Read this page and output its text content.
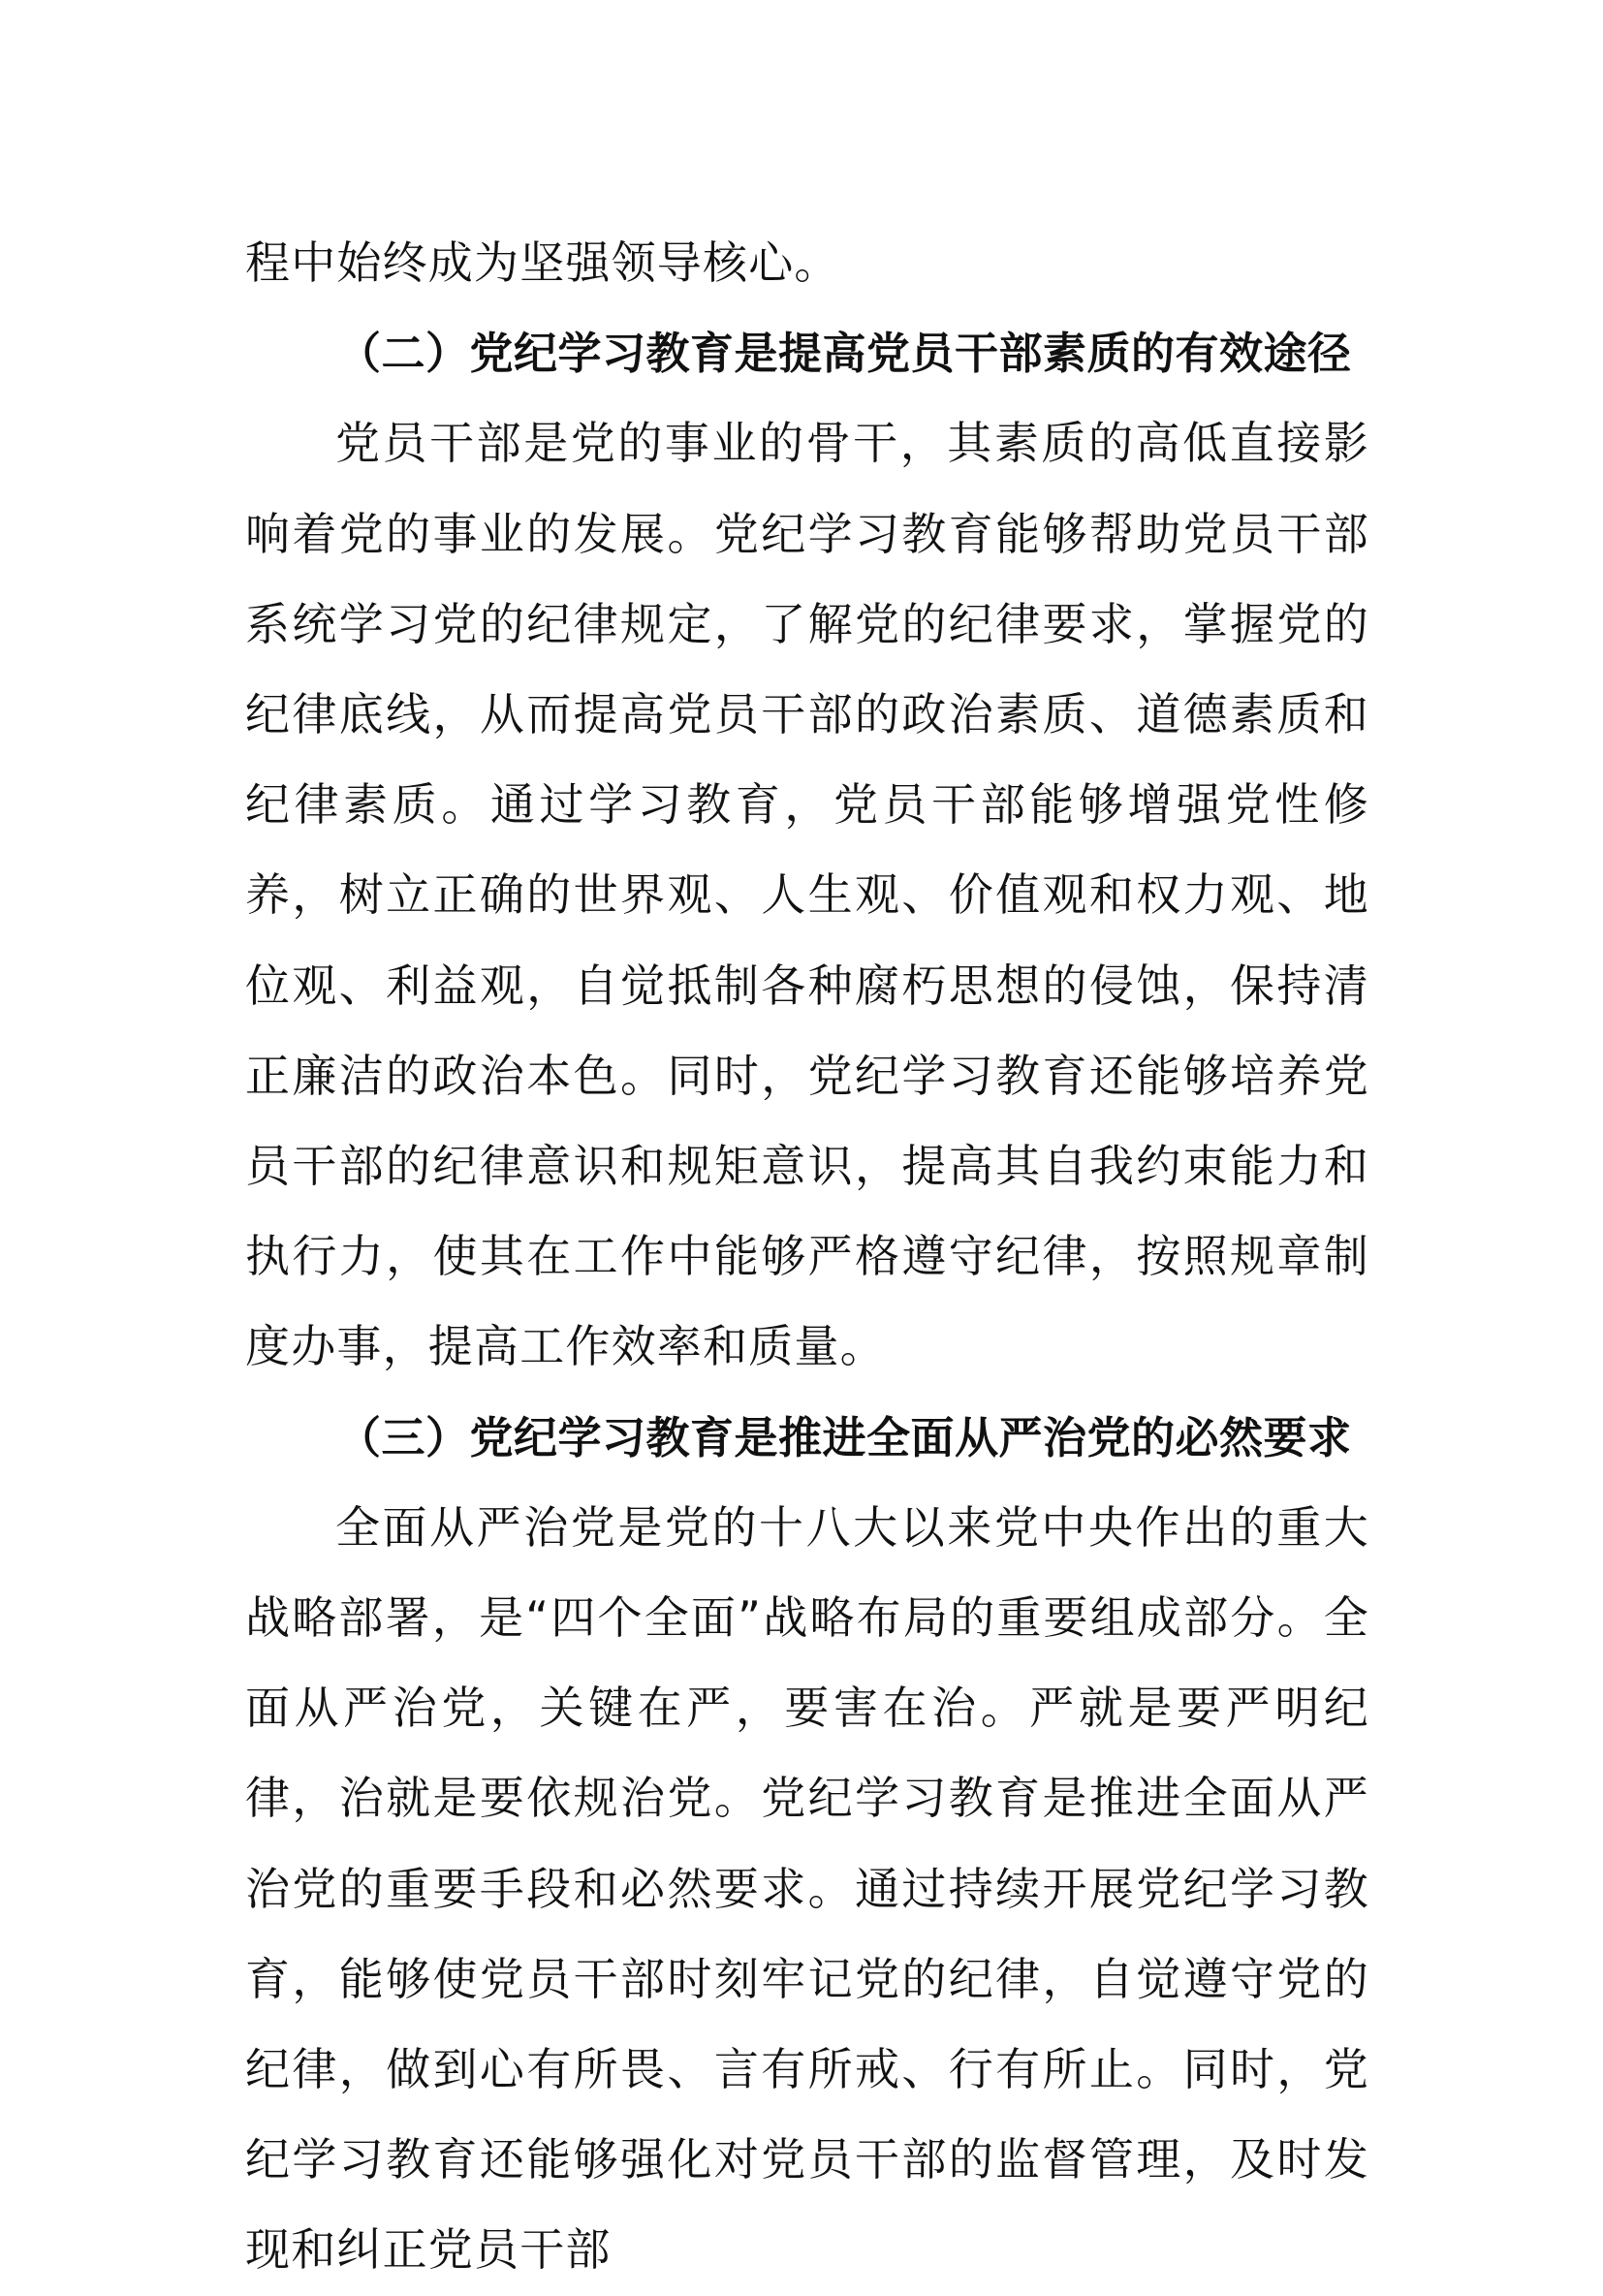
程中始终成为坚强领导核心。

（二）党纪学习教育是提高党员干部素质的有效途径

党员干部是党的事业的骨干，其素质的高低直接影响着党的事业的发展。党纪学习教育能够帮助党员干部系统学习党的纪律规定，了解党的纪律要求，掌握党的纪律底线，从而提高党员干部的政治素质、道德素质和纪律素质。通过学习教育，党员干部能够增强党性修养，树立正确的世界观、人生观、价值观和权力观、地位观、利益观，自觉抵制各种腐朽思想的侵蚀，保持清正廉洁的政治本色。同时，党纪学习教育还能够培养党员干部的纪律意识和规矩意识，提高其自我约束能力和执行力，使其在工作中能够严格遵守纪律，按照规章制度办事，提高工作效率和质量。

（三）党纪学习教育是推进全面从严治党的必然要求

全面从严治党是党的十八大以来党中央作出的重大战略部署，是“四个全面”战略布局的重要组成部分。全面从严治党，关键在严，要害在治。严就是要严明纪律，治就是要依规治党。党纪学习教育是推进全面从严治党的重要手段和必然要求。通过持续开展党纪学习教育，能够使党员干部时刻牢记党的纪律，自觉遵守党的纪律，做到心有所畏、言有所戒、行有所止。同时，党纪学习教育还能够强化对党员干部的监督管理，及时发现和纠正党员干部
